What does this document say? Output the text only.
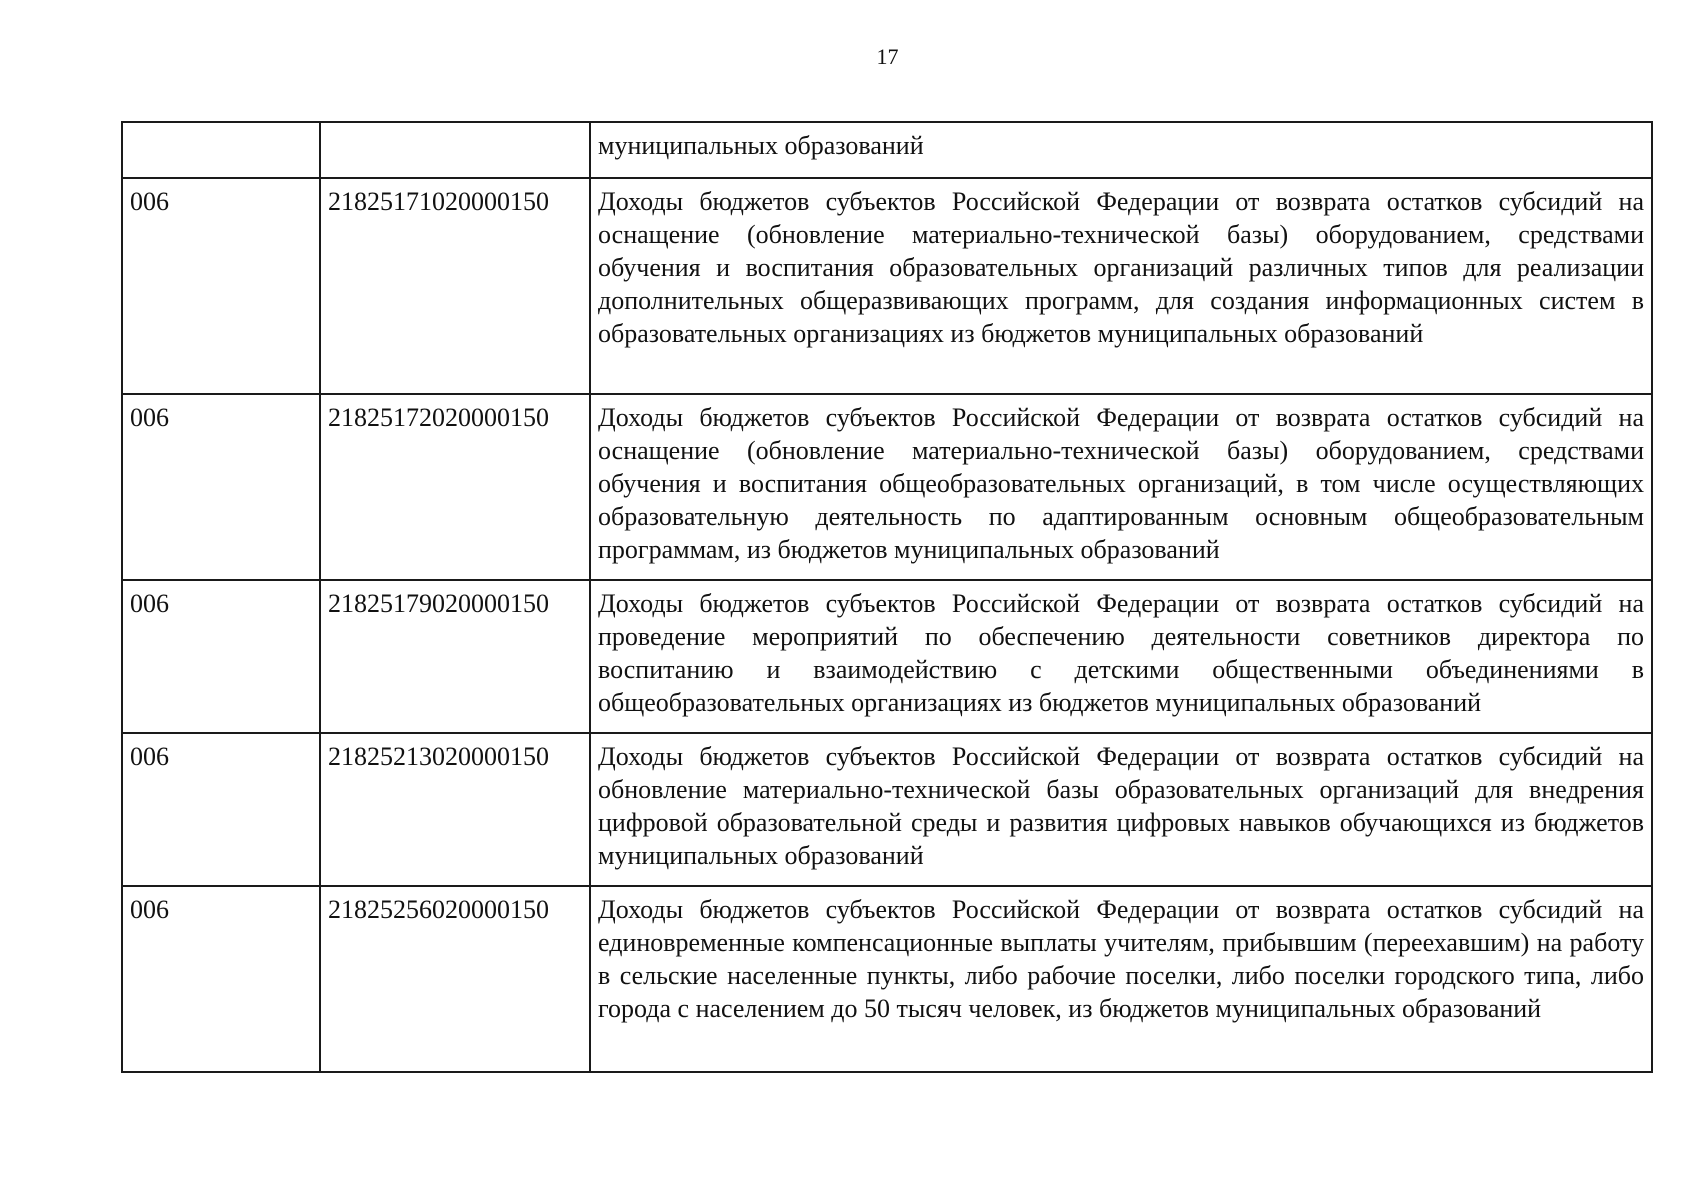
17
		муниципальных образований
006	21825171020000150	Доходы бюджетов субъектов Российской Федерации от возврата остатков субсидий на оснащение (обновление материально-технической базы) оборудованием, средствами обучения и воспитания образовательных организаций различных типов для реализации дополнительных общеразвивающих программ, для создания информационных систем в образовательных организациях из бюджетов муниципальных образований
006	21825172020000150	Доходы бюджетов субъектов Российской Федерации от возврата остатков субсидий на оснащение (обновление материально-технической базы) оборудованием, средствами обучения и воспитания общеобразовательных организаций, в том числе осуществляющих образовательную деятельность по адаптированным основным общеобразовательным программам, из бюджетов муниципальных образований
006	21825179020000150	Доходы бюджетов субъектов Российской Федерации от возврата остатков субсидий на проведение мероприятий по обеспечению деятельности советников директора по воспитанию и взаимодействию с детскими общественными объединениями в общеобразовательных организациях из бюджетов муниципальных образований
006	21825213020000150	Доходы бюджетов субъектов Российской Федерации от возврата остатков субсидий на обновление материально-технической базы образовательных организаций для внедрения цифровой образовательной среды и развития цифровых навыков обучающихся из бюджетов муниципальных образований
006	21825256020000150	Доходы бюджетов субъектов Российской Федерации от возврата остатков субсидий на единовременные компенсационные выплаты учителям, прибывшим (переехавшим) на работу в сельские населенные пункты, либо рабочие поселки, либо поселки городского типа, либо города с населением до 50 тысяч человек, из бюджетов муниципальных образований
